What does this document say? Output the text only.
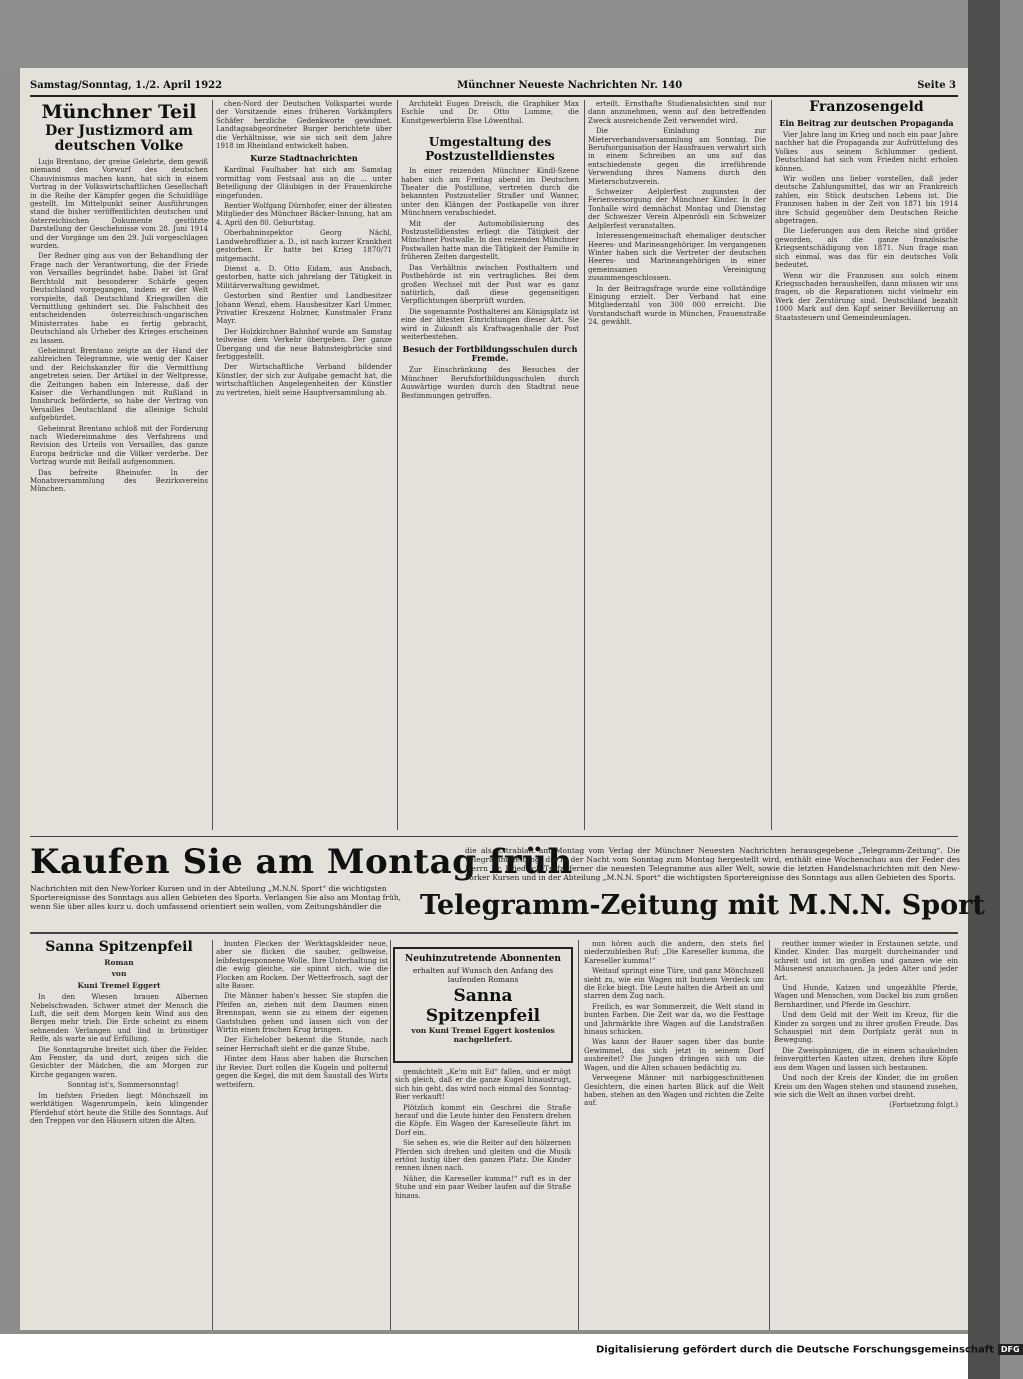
Samstag/Sonntag, 1./2. April 1922	Münchner Neueste Nachrichten Nr. 140	Seite 3
Münchner Teil
Der Justizmord am deutschen Volke

Lujo Brentano, der greise Gelehrte, dem gewiß niemand den Vorwurf des deutschen Chauvinismus machen kann, hat sich in einem Vortrag in der Volkswirtschaftlichen Gesellschaft in die Reihe der Kämpfer gegen die Schuldlüge gestellt. Im Mittelpunkt seiner Ausführungen stand die bisher veröffentlichten deutschen und österreichischen Dokumente gestützte Darstellung der Geschehnisse vom 28. Juni 1914 und der Vorgänge um den 29. Juli vorgeschlagen wurden.

Der Redner ging aus von der Behandlung der Frage nach der Verantwortung, die der Friede von Versailles begründet habe. Dabei ist Graf Berchtold mit besonderer Schärfe gegen Deutschland vorgegangen, indem er der Welt vorspielte, daß Deutschland Kriegswillen die Vermittlung gehindert sei. Die Falschheit des entscheidenden österreichisch-ungarischen Ministerrates habe es fertig gebracht, Deutschland als Urheber des Krieges erscheinen zu lassen.

Geheimrat Brentano zeigte an der Hand der zahlreichen Telegramme, wie wenig der Kaiser und der Reichskanzler für die Vermittlung angetreten seien. Der Artikel in der Weltpresse, die Zeitungen haben ein Interesse, daß der Kaiser die Verhandlungen mit Rußland in Innsbruck beförderte, so habe der Vertrag von Versailles Deutschland die alleinige Schuld aufgebürdet.

Geheimrat Brentano schloß mit der Forderung nach Wiedereinnahme des Verfahrens und Revision des Urteils von Versailles, das ganze Europa bedrücke und die Völker verderbe. Der Vortrag wurde mit Beifall aufgenommen.

Das befreite Rheinufer. In der Monatsversammlung des Bezirksvereins München.

chen-Nord der Deutschen Volkspartei wurde der Vorsitzende eines früheren Vorkämpfers Schäfer herzliche Gedenkworte gewidmet. Landtagsabgeordneter Burger berichtete über die Verhältnisse, wie sie sich seit dem Jahre 1918 im Rheinland entwickelt haben.

Kurze Stadtnachrichten

Kardinal Faulhaber hat sich am Samstag vormittag vom Festsaal aus an die ... unter Beteiligung der Gläubigen in der Frauenkirche eingefunden.

Rentier Wolfgang Dürnhofer, einer der ältesten Mitglieder des Münchner Bäcker-Innung, hat am 4. April den 80. Geburtstag.

Oberbahninspektor Georg Nächl, Landwehroffizier a. D., ist nach kurzer Krankheit gestorben. Er hatte bei Krieg 1870/71 mitgemacht.

Dienst a. D. Otto Eidam, aus Ansbach, gestorben, hatte sich jahrelang der Tätigkeit in Militärverwaltung gewidmet.

Gestorben sind Rentier und Landbesitzer Johann Wenzl, ehem. Hausbesitzer Karl Ummer, Privatier Kreszenz Holzner, Kunstmaler Franz Mayr.

Der Holzkirchner Bahnhof wurde am Samstag teilweise dem Verkehr übergeben. Der ganze Übergang und die neue Bahnsteigbrücke sind fertiggestellt.

Der Wirtschaftliche Verband bildender Künstler, der sich zur Aufgabe gemacht hat, die wirtschaftlichen Angelegenheiten der Künstler zu vertreten, hielt seine Hauptversammlung ab.

Architekt Eugen Dreisch, die Graphiker Max Eschle und Dr. Otto Lumme, die Kunstgewerblerin Else Löwenthal.

Umgestaltung des Postzustelldienstes

In einer reizenden Münchner Kindl-Szene haben sich am Freitag abend im Deutschen Theater die Postillone, vertreten durch die bekannten Postzusteller Straßer und Wanner, unter den Klängen der Postkapelle von ihrer Münchnern verabschiedet.

Mit der Automobilisierung des Postzustelldienstes erliegt die Tätigkeit der Münchner Postwalle. In den reizenden Münchner Postwallen hatte man die Tätigkeit der Familie in früheren Zeiten dargestellt.

Das Verhältnis zwischen Posthaltern und Postbehörde ist ein vertragliches. Bei dem großen Wechsel mit der Post war es ganz natürlich, daß diese gegenseitigen Verpflichtungen überprüft wurden.

Die sogenannte Posthalterei am Königsplatz ist eine der ältesten Einrichtungen dieser Art. Sie wird in Zukunft als Kraftwagenhalle der Post weiterbestehen.

Besuch der Fortbildungsschulen durch Fremde.

Zur Einschränkung des Besuches der Münchner Berufsfortbildungsschulen durch Auswärtige wurden durch den Stadtrat neue Bestimmungen getroffen.

erteilt. Ernsthafte Studienabsichten sind nur dann anzunehmen, wenn auf den betreffenden Zweck ausreichende Zeit verwendet wird.

Die Einladung zur Mieterverbandsversammlung am Sonntag. Die Berufsorganisation der Hausfrauen verwahrt sich in einem Schreiben an uns auf das entschiedenste gegen die irreführende Verwendung ihres Namens durch den Mieterschutzverein.

Schweizer Aelplerfest zugunsten der Ferienversorgung der Münchner Kinder. In der Tonhalle wird demnächst Montag und Dienstag der Schweizer Verein Alpenrösli ein Schweizer Aelplerfest veranstalten.

Interessengemeinschaft ehemaliger deutscher Heeres- und Marineangehöriger. Im vergangenen Winter haben sich die Vertreter der deutschen Heeres- und Marineangehörigen in einer gemeinsamen Vereinigung zusammengeschlossen.

In der Beitragsfrage wurde eine vollständige Einigung erzielt. Der Verband hat eine Mitgliederzahl von 300 000 erreicht. Die Vorstandschaft wurde in München, Frauenstraße 24, gewählt.

Franzosengeld
Ein Beitrag zur deutschen Propaganda

Vier Jahre lang im Krieg und noch ein paar Jahre nachher hat die Propaganda zur Aufrüttelung des Volkes aus seinem Schlummer gedient. Deutschland hat sich vom Frieden nicht erholen können.

Wir wollen uns lieber vorstellen, daß jeder deutsche Zahlungsmittel, das wir an Frankreich zahlen, ein Stück deutschen Lebens ist. Die Franzosen haben in der Zeit von 1871 bis 1914 ihre Schuld gegenüber dem Deutschen Reiche abgetragen.

Die Lieferungen aus dem Reiche sind größer geworden, als die ganze französische Kriegsentschädigung von 1871. Nun frage man sich einmal, was das für ein deutsches Volk bedeutet.

Wenn wir die Franzosen aus solch einem Kriegsschaden heraushelfen, dann müssen wir uns fragen, ob die Reparationen nicht vielmehr ein Werk der Zerstörung sind. Deutschland bezahlt 1000 Mark auf den Kopf seiner Bevölkerung an Staatssteuern und Gemeindeumlagen.

Kaufen Sie am Montag früh
die als Extrablatt am Montag vom Verlag der Münchner Neuesten Nachrichten herausgegebene „Telegramm-Zeitung“. Die Telegramm-Zeitung, die in der Nacht vom Sonntag zum Montag hergestellt wird, enthält eine Wochenschau aus der Feder des Herrn Dr. Friedrich Trefz, ferner die neuesten Telegramme aus aller Welt, sowie die letzten Handelsnachrichten mit den New-Yorker Kursen und in der Abteilung „M.N.N. Sport“ die wichtigsten Sportereignisse des Sonntags aus allen Gebieten des Sports.
Nachrichten mit den New-Yorker Kursen und in der Abteilung „M.N.N. Sport“ die wichtigsten Sportereignisse des Sonntags aus allen Gebieten des Sports. Verlangen Sie also am Montag früh, wenn Sie über alles kurz u. doch umfassend orientiert sein wollen, vom Zeitungshändler die	Telegramm-Zeitung mit M.N.N. Sport
Sanna Spitzenpfeil
Roman
von
Kuni Tremel Eggert

In den Wiesen brauen Albernen Nebelschwaden. Schwer atmet der Mensch die Luft, die seit dem Morgen kein Wind aus den Bergen mehr trieb. Die Erde scheint zu einem sehnenden Verlangen und lind in brünstiger Reife, als warte sie auf Erfüllung.

Die Sonntagsruhe breitet sich über die Felder. Am Fenster, da und dort, zeigen sich die Gesichter der Mädchen, die am Morgen zur Kirche gegangen waren.

Sonntag ist's, Sommersonntag!

Im tiefsten Frieden liegt Mönchszell im werktätigen Wagenrumpeln, kein klingender Pferdehuf stört heute die Stille des Sonntags. Auf den Treppen vor den Häusern sitzen die Alten.

bunten Flecken der Werktagskleider neue, aber sie flicken die sauber, gelbweise, leibfestgesponnene Wolle. Ihre Unterhaltung ist die ewig gleiche, sie spinnt sich, wie die Flocken am Rocken. Der Wetterfrosch, sagt der alte Bauer.

Die Männer haben's besser. Sie stopfen die Pfeifen an, ziehen mit dem Daumen einen Brennspan, wenn sie zu einem der eigenen Gaststuben gehen und lassen sich von der Wirtin einen frischen Krug bringen.

Der Eichelober bekennt die Stunde, nach seiner Herrschaft sieht er die ganze Stube.

Hinter dem Haus aber haben die Burschen ihr Revier. Dort rollen die Kugeln und polternd gegen die Kegel, die mit dem Saustall des Wirts wetteifern.

Neuhinzutretende Abonnenten
erhalten auf Wunsch den Anfang des laufenden Romans
Sanna Spitzenpfeil
von Kuni Tremel Eggert kostenlos nachgeliefert.

gemächtelt „Ke'm mit Ed“ fallen, und er mögt sich gleich, daß er die ganze Kugel hinaustrugt, sich hin geht, das wird noch einmal des Sonntag-Bier verkauft!

Plötzlich kommt ein Geschrei die Straße herauf und die Leute hinter den Fenstern drehen die Köpfe. Ein Wagen der Kareselleute fährt im Dorf ein.

Sie sehen es, wie die Reiter auf den hölzernen Pferden sich drehen und gleiten und die Musik ertönt lustig über den ganzen Platz. Die Kinder rennen ihnen nach.

Näher, die Kareseller kumma!“ ruft es in der Stube und ein paar Weiber laufen auf die Straße hinaus.

nun hören auch die andern, den stets fiel niederzubleiben Ruf: „Die Kareseller kumma, die Kareseller kumma!“

Weitauf springt eine Türe, und ganz Mönchszell sieht zu, wie ein Wagen mit buntem Verdeck um die Ecke biegt. Die Leute halten die Arbeit an und starren dem Zug nach.

Freilich, es war Sommerzeit, die Welt stand in bunten Farben. Die Zeit war da, wo die Festtage und Jahrmärkte ihre Wagen auf die Landstraßen hinaus schicken.

Was kann der Bauer sagen über das bunte Gewimmel, das sich jetzt in seinem Dorf ausbreitet? Die Jungen drängen sich um die Wagen, und die Alten schauen bedächtig zu.

Verwegene Männer mit narbiggeschnittenen Gesichtern, die einen harten Blick auf die Welt haben, stehen an den Wagen und richten die Zelte auf.

reuther immer wieder in Erstaunen setzte, und Kinder, Kinder. Das murgelt durcheinander und schreit und ist im großen und ganzen wie ein Mäusenest anzuschauen. Ja jeden Alter und jeder Art.

Und Hunde, Katzen und ungezählte Pferde, Wagen und Menschen, vom Dackel bis zum großen Bernhardiner, und Pferde im Geschirr.

Und dem Geld mit der Welt im Kreuz, für die Kinder zu sorgen und zu ihrer großen Freude. Das Schauspiel mit dem Dorfplatz gerät nun in Bewegung.

Die Zweispännigen, die in einem schaukelnden feinvergitterten Kasten sitzen, drehen ihre Köpfe aus dem Wagen und lassen sich bestaunen.

Und noch der Kreis der Kinder, die im großen Kreis um den Wagen stehen und staunend zusehen, wie sich die Welt an ihnen vorbei dreht.

(Fortsetzung folgt.)

Digitalisierung gefördert durch die Deutsche Forschungsgemeinschaft DFG
